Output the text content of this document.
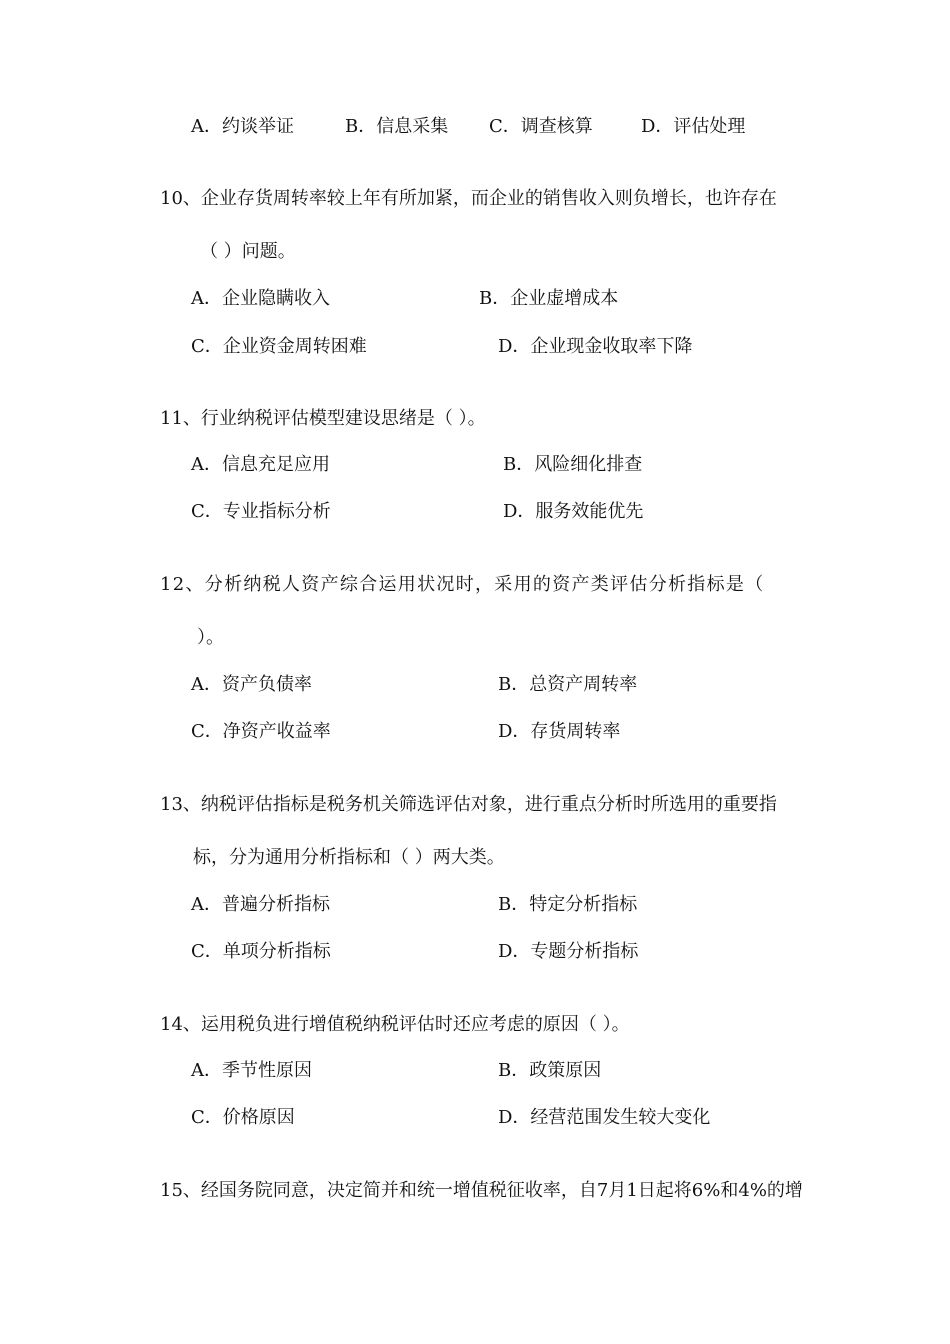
A．约谈举证	B．信息采集 C．调查核算	D．评估处理
10、企业存货周转率较上年有所加紧，而企业的销售收入则负增长，也许存在
（ ）问题。
A．企业隐瞒收入	B．企业虚增成本
C．企业资金周转困难	D．企业现金收取率下降
11、行业纳税评估模型建设思绪是（ ）。
A．信息充足应用	B．风险细化排查
C．专业指标分析	D．服务效能优先
12、分析纳税人资产综合运用状况时，采用的资产类评估分析指标是（
）。
A．资产负债率	B．总资产周转率
C．净资产收益率	D．存货周转率
13、纳税评估指标是税务机关筛选评估对象，进行重点分析时所选用的重要指
标，分为通用分析指标和（ ）两大类。
A．普遍分析指标	B．特定分析指标
C．单项分析指标	D．专题分析指标
14、运用税负进行增值税纳税评估时还应考虑的原因（ ）。
A．季节性原因	B．政策原因
C．价格原因	D．经营范围发生较大变化
15、经国务院同意，决定简并和统一增值税征收率，自7月1日起将6%和4%的增
